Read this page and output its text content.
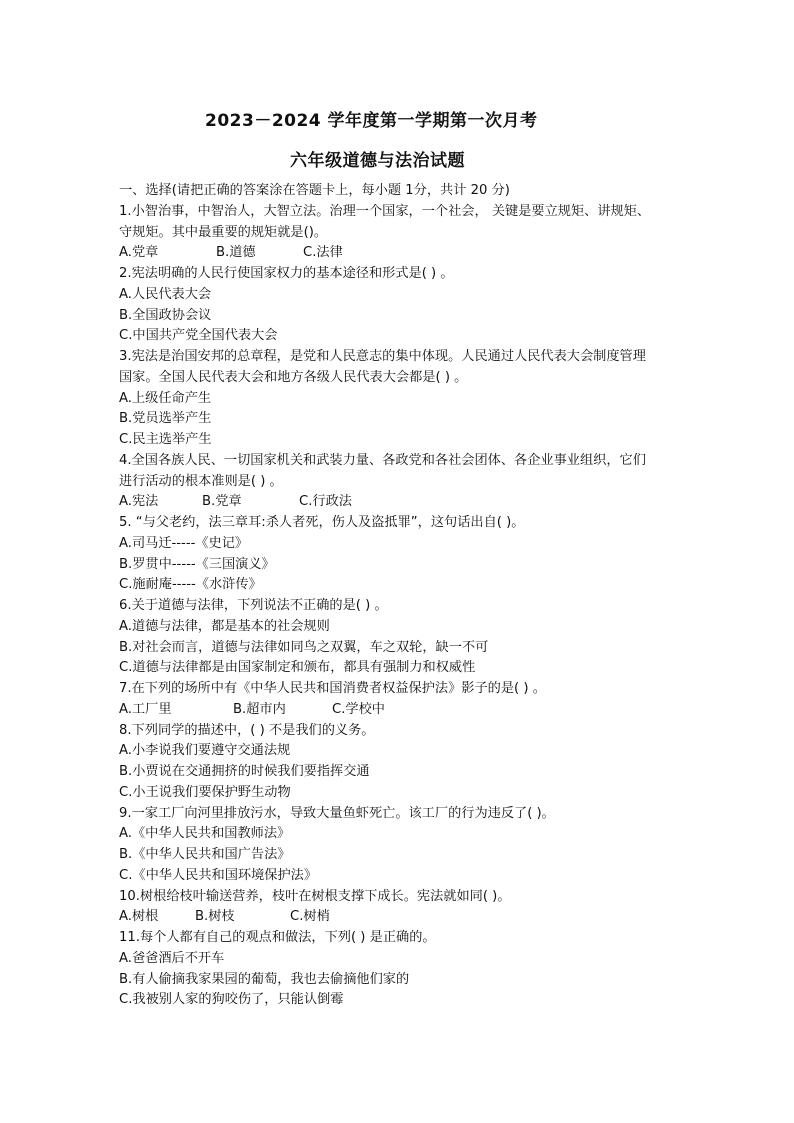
2023－2024 学年度第一学期第一次月考
六年级道德与法治试题
一、选择(请把正确的答案涂在答题卡上，每小题 1分，共计 20 分)
1.小智治事，中智治人，大智立法。治理一个国家，一个社会， 关键是要立规矩、讲规矩、
守规矩。其中最重要的规矩就是()。
A.党章	B.道德	C.法律
2.宪法明确的人民行使国家权力的基本途径和形式是( ) 。
A.人民代表大会
B.全国政协会议
C.中国共产党全国代表大会
3.宪法是治国安邦的总章程，是党和人民意志的集中体现。人民通过人民代表大会制度管理
国家。全国人民代表大会和地方各级人民代表大会都是( ) 。
A.上级任命产生
B.党员选举产生
C.民主选举产生
4.全国各族人民、一切国家机关和武装力量、各政党和各社会团体、各企业事业组织，它们
进行活动的根本准则是( ) 。
A.宪法	B.党章	C.行政法
5. “与父老约，法三章耳:杀人者死，伤人及盗抵罪”，这句话出自( )。
A.司马迁-----《史记》
B.罗贯中-----《三国演义》
C.施耐庵-----《水浒传》
6.关于道德与法律，下列说法不正确的是( ) 。
A.道德与法律，都是基本的社会规则
B.对社会而言，道德与法律如同鸟之双翼，车之双轮，缺一不可
C.道德与法律都是由国家制定和颁布，都具有强制力和权威性
7.在下列的场所中有《中华人民共和国消费者权益保护法》影子的是( ) 。
A.工厂里	B.超市内	C.学校中
8.下列同学的描述中，( ) 不是我们的义务。
A.小李说我们要遵守交通法规
B.小贾说在交通拥挤的时候我们要指挥交通
C.小王说我们要保护野生动物
9.一家工厂向河里排放污水，导致大量鱼虾死亡。该工厂的行为违反了( )。
A.《中华人民共和国教师法》
B.《中华人民共和国广告法》
C.《中华人民共和国环境保护法》
10.树根给枝叶输送营养，枝叶在树根支撑下成长。宪法就如同( )。
A.树根	B.树枝	C.树梢
11.每个人都有自己的观点和做法，下列( ) 是正确的。
A.爸爸酒后不开车
B.有人偷摘我家果园的葡萄，我也去偷摘他们家的
C.我被别人家的狗咬伤了，只能认倒霉
